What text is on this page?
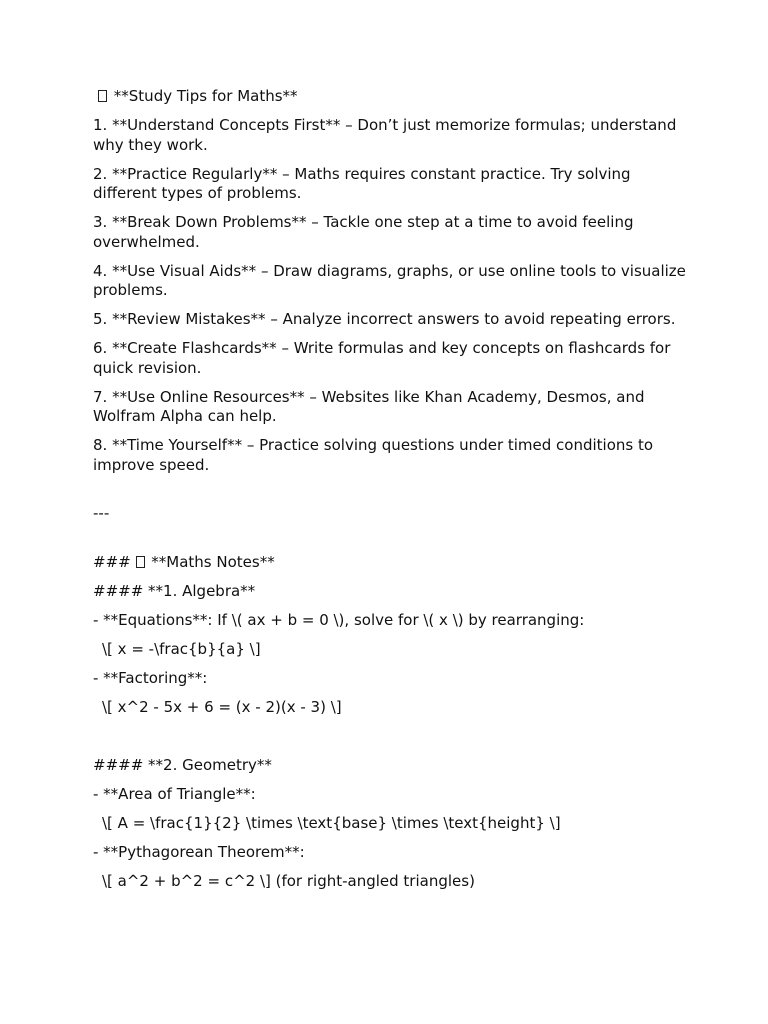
**Study Tips for Maths**

1. **Understand Concepts First** – Don’t just memorize formulas; understand why they work.

2. **Practice Regularly** – Maths requires constant practice. Try solving different types of problems.

3. **Break Down Problems** – Tackle one step at a time to avoid feeling overwhelmed.

4. **Use Visual Aids** – Draw diagrams, graphs, or use online tools to visualize problems.

5. **Review Mistakes** – Analyze incorrect answers to avoid repeating errors.

6. **Create Flashcards** – Write formulas and key concepts on flashcards for quick revision.

7. **Use Online Resources** – Websites like Khan Academy, Desmos, and Wolfram Alpha can help.

8. **Time Yourself** – Practice solving questions under timed conditions to improve speed.

---

### **Maths Notes**

#### **1. Algebra**

- **Equations**: If \( ax + b = 0 \), solve for \( x \) by rearranging:

\[ x = -\frac{b}{a} \]

- **Factoring**:

\[ x^2 - 5x + 6 = (x - 2)(x - 3) \]

#### **2. Geometry**

- **Area of Triangle**:

\[ A = \frac{1}{2} \times \text{base} \times \text{height} \]

- **Pythagorean Theorem**:

\[ a^2 + b^2 = c^2 \] (for right-angled triangles)
